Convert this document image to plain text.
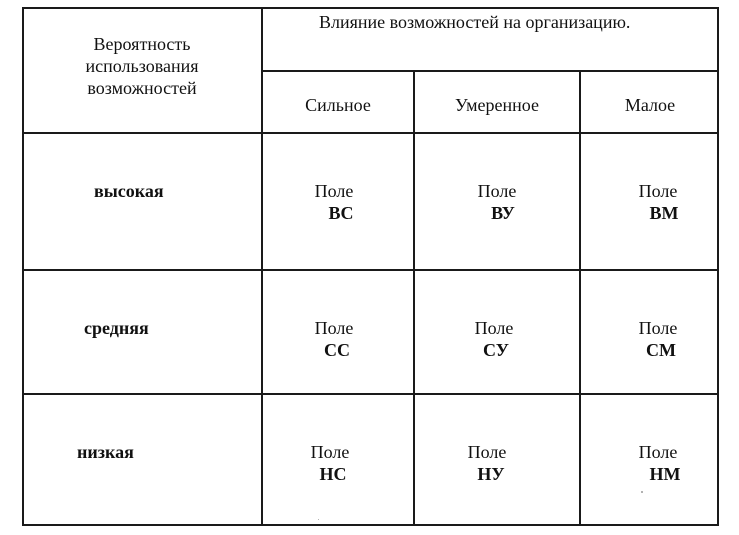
Вероятность
использования
возможностей
Влияние возможностей на организацию.
Сильное	Умеренное	Малое
высокая
средняя
низкая
Поле
ВС
Поле
ВУ
Поле
ВМ
Поле
СС
Поле
СУ
Поле
СМ
Поле
НС
Поле
НУ
Поле
НМ
